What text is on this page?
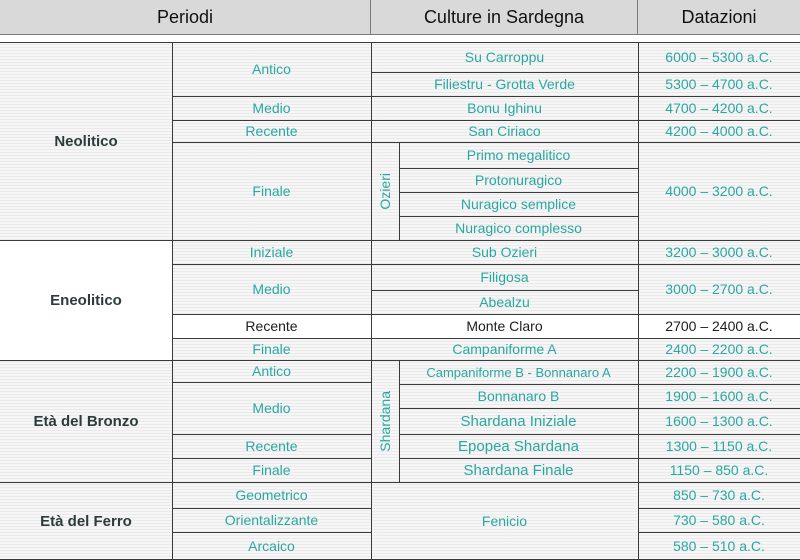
Periodi	Culture in Sardegna	Datazioni
Neolitico
Eneolitico
Età del Bronzo
Età del Ferro
Antico
Medio
Recente
Finale
Iniziale
Medio
Recente
Finale
Antico
Medio
Recente
Finale
Geometrico
Orientalizzante
Arcaico
Su Carroppu
Filiestru - Grotta Verde
Bonu Ighinu
San Ciriaco
Ozieri
Primo megalitico
Protonuragico
Nuragico semplice
Nuragico complesso
Sub Ozieri
Filigosa
Abealzu
Monte Claro
Campaniforme A
Shardana
Campaniforme B - Bonnanaro A
Bonnanaro B
Shardana Iniziale
Epopea Shardana
Shardana Finale
Fenicio
6000 – 5300 a.C.
5300 – 4700 a.C.
4700 – 4200 a.C.
4200 – 4000 a.C.
4000 – 3200 a.C.
3200 – 3000 a.C.
3000 – 2700 a.C.
2700 – 2400 a.C.
2400 – 2200 a.C.
2200 – 1900 a.C.
1900 – 1600 a.C.
1600 – 1300 a.C.
1300 – 1150 a.C.
1150 – 850 a.C.
850 – 730 a.C.
730 – 580 a.C.
580 – 510 a.C.
